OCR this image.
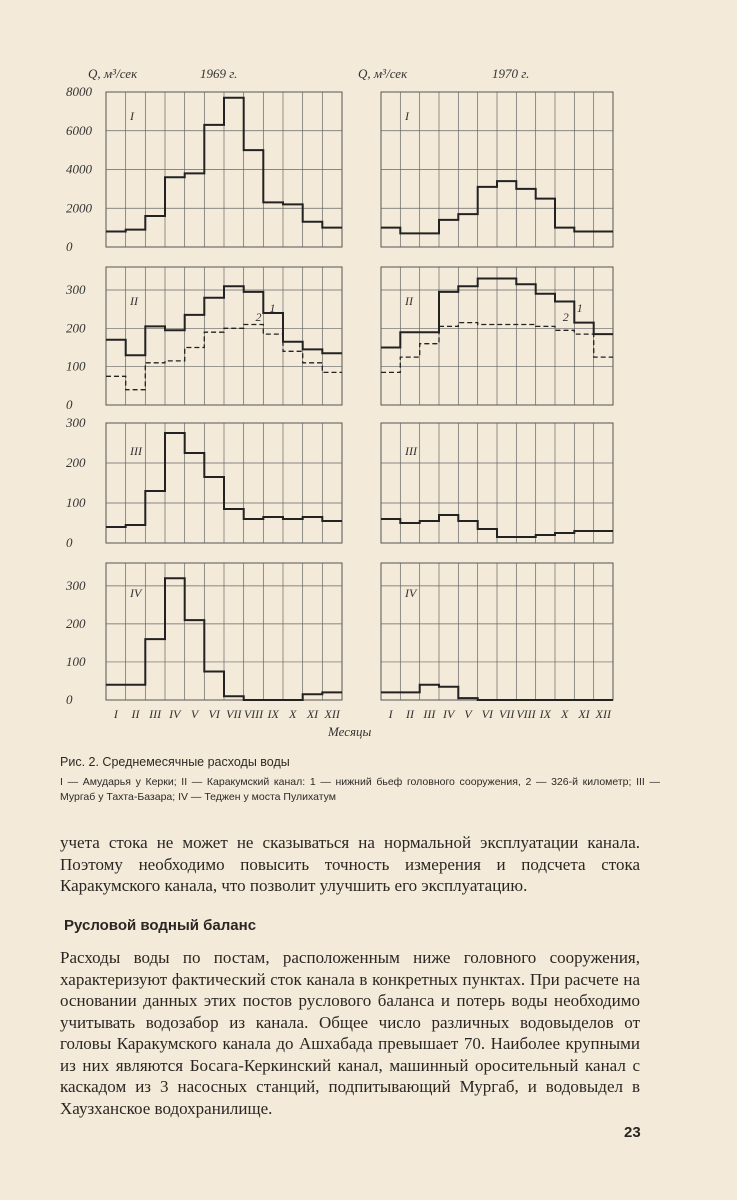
Q, м³/сек	1969 г.	Q, м³/сек	1970 г.
Месяцы
8000
6000
4000
2000
0
I	I
300
200
100
0
II	1
2
II	1
2
300
200
100
0
III	III
300
200
100
0
IV
I II III IV V VI VII VIII IX X XI XII
IV
I II III IV V VI VII VIII IX X XI XII
Рис. 2. Среднемесячные расходы воды
I — Амударья у Керки; II — Каракумский канал: 1 — нижний бьеф головного сооружения, 2 — 326-й километр; III — Мургаб у Тахта-Базара; IV — Теджен у моста Пулихатум
учета стока не может не сказываться на нормальной эксплуатации канала. Поэтому необходимо повысить точность измерения и подсчета стока Каракумского канала, что позволит улучшить его эксплуатацию.
Русловой водный баланс
Расходы воды по постам, расположенным ниже головного сооружения, характеризуют фактический сток канала в конкретных пунктах. При расчете на основании данных этих постов руслового баланса и потерь воды необходимо учитывать водозабор из канала. Общее число различных водовыделов от головы Каракумского канала до Ашхабада превышает 70. Наиболее крупными из них являются Босага-Керкинский канал, машинный оросительный канал с каскадом из 3 насосных станций, подпитывающий Мургаб, и водовыдел в Хаузханское водохранилище.
23
